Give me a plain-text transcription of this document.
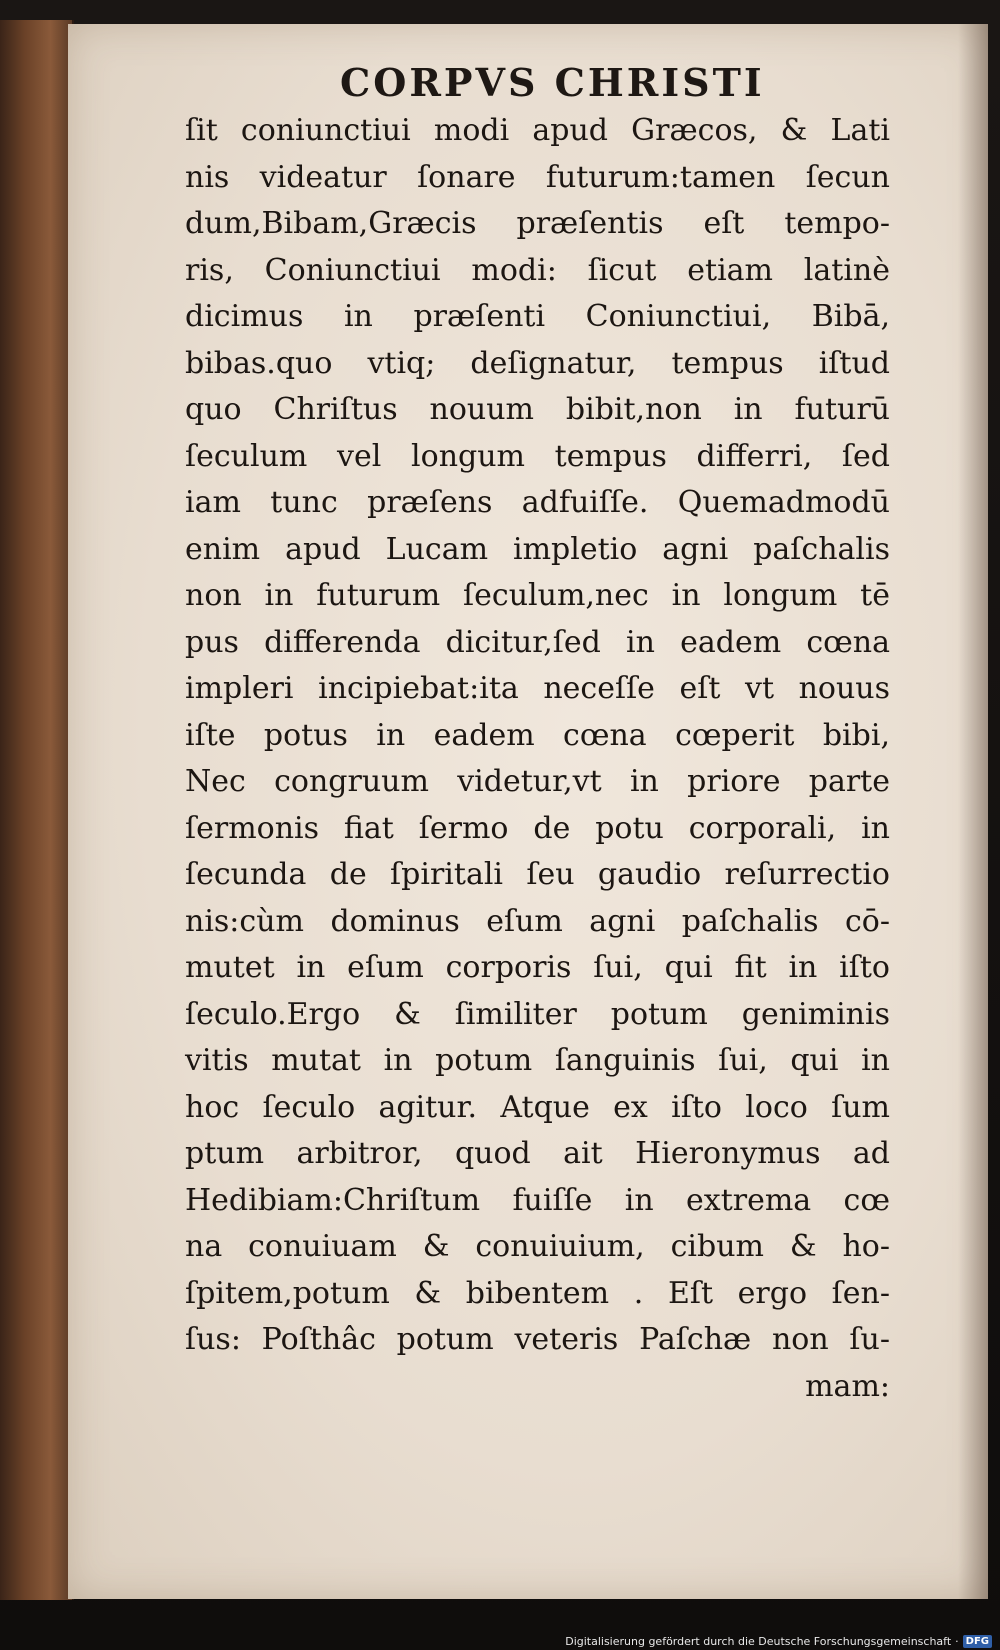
CORPVS CHRISTI
ſit coniunctiui modi apud Græcos, & Lati
nis videatur ſonare futurum:tamen ſecun
dum,Bibam,Græcis præſentis eſt tempo-
ris, Coniunctiui modi: ſicut etiam latinè
dicimus in præſenti Coniunctiui, Bibā,
bibas.quo vtiq; deſignatur, tempus iſtud
quo Chriſtus nouum bibit,non in futurū
ſeculum vel longum tempus differri, ſed
iam tunc præſens adfuiſſe. Quemadmodū
enim apud Lucam impletio agni paſchalis
non in futurum ſeculum,nec in longum tē
pus differenda dicitur,ſed in eadem cœna
impleri incipiebat:ita neceſſe eſt vt nouus
iſte potus in eadem cœna cœperit bibi,
Nec congruum videtur,vt in priore parte
ſermonis fiat ſermo de potu corporali, in
ſecunda de ſpiritali ſeu gaudio reſurrectio
nis:cùm dominus eſum agni paſchalis cō-
mutet in eſum corporis ſui, qui fit in iſto
ſeculo.Ergo & ſimiliter potum geniminis
vitis mutat in potum ſanguinis ſui, qui in
hoc ſeculo agitur. Atque ex iſto loco ſum
ptum arbitror, quod ait Hieronymus ad
Hedibiam:Chriſtum fuiſſe in extrema cœ
na conuiuam & conuiuium, cibum & ho-
ſpitem,potum & bibentem . Eſt ergo ſen-
ſus: Poſthâc potum veteris Paſchæ non ſu-
mam:
Digitalisierung gefördert durch die Deutsche Forschungsgemeinschaft · DFG
